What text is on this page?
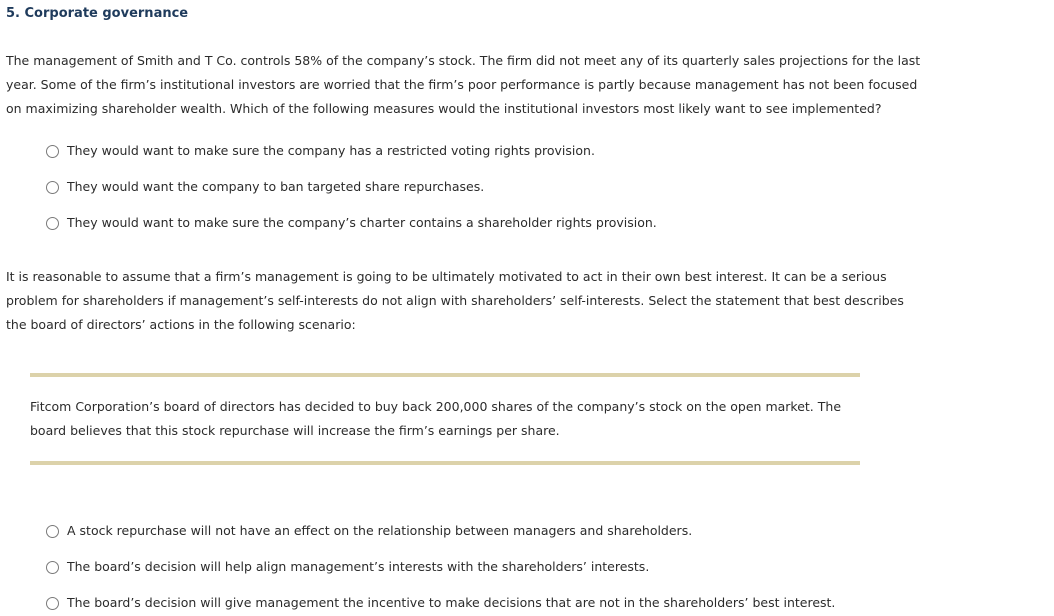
5. Corporate governance
The management of Smith and T Co. controls 58% of the company’s stock. The firm did not meet any of its quarterly sales projections for the last year. Some of the firm’s institutional investors are worried that the firm’s poor performance is partly because management has not been focused on maximizing shareholder wealth. Which of the following measures would the institutional investors most likely want to see implemented?
They would want to make sure the company has a restricted voting rights provision.
They would want the company to ban targeted share repurchases.
They would want to make sure the company’s charter contains a shareholder rights provision.
It is reasonable to assume that a firm’s management is going to be ultimately motivated to act in their own best interest. It can be a serious problem for shareholders if management’s self-interests do not align with shareholders’ self-interests. Select the statement that best describes the board of directors’ actions in the following scenario:
Fitcom Corporation’s board of directors has decided to buy back 200,000 shares of the company’s stock on the open market. The board believes that this stock repurchase will increase the firm’s earnings per share.
A stock repurchase will not have an effect on the relationship between managers and shareholders.
The board’s decision will help align management’s interests with the shareholders’ interests.
The board’s decision will give management the incentive to make decisions that are not in the shareholders’ best interest.
